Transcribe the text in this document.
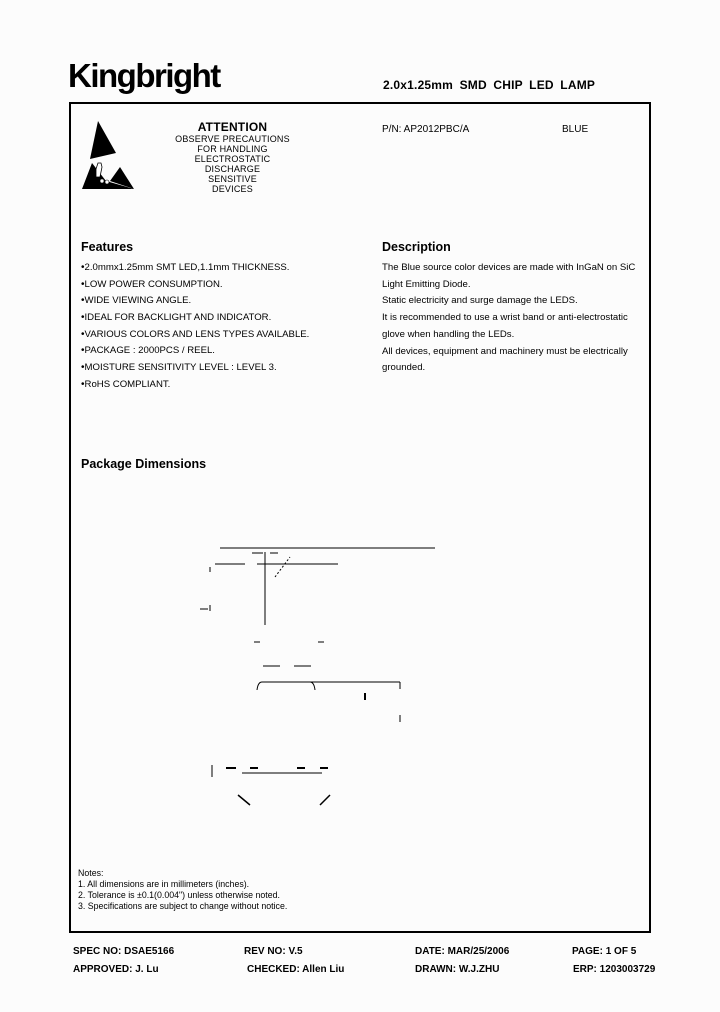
Kingbright	2.0x1.25mm SMD CHIP LED LAMP
ATTENTION
OBSERVE PRECAUTIONS
FOR HANDLING
ELECTROSTATIC
DISCHARGE
SENSITIVE
DEVICES
P/N: AP2012PBC/A	BLUE
Features
• 2.0mmx1.25mm SMT LED,1.1mm THICKNESS.
• LOW POWER CONSUMPTION.
• WIDE VIEWING ANGLE.
• IDEAL FOR BACKLIGHT AND INDICATOR.
• VARIOUS COLORS AND LENS TYPES AVAILABLE.
• PACKAGE : 2000PCS / REEL.
• MOISTURE SENSITIVITY LEVEL : LEVEL 3.
• RoHS COMPLIANT.
Description

The Blue source color devices are made with InGaN on SiC Light Emitting Diode.

Static electricity and surge damage the LEDS.

It is recommended to use a wrist band or anti-electrostatic glove when handling the LEDs.

All devices, equipment and machinery must be electrically grounded.

Package Dimensions
Notes:
1. All dimensions are in millimeters (inches).
2. Tolerance is ±0.1(0.004") unless otherwise noted.
3. Specifications are subject to change without notice.
SPEC NO: DSAE5166	REV NO: V.5	DATE: MAR/25/2006	PAGE: 1 OF 5
APPROVED: J. Lu	CHECKED: Allen Liu	DRAWN: W.J.ZHU	ERP: 1203003729
